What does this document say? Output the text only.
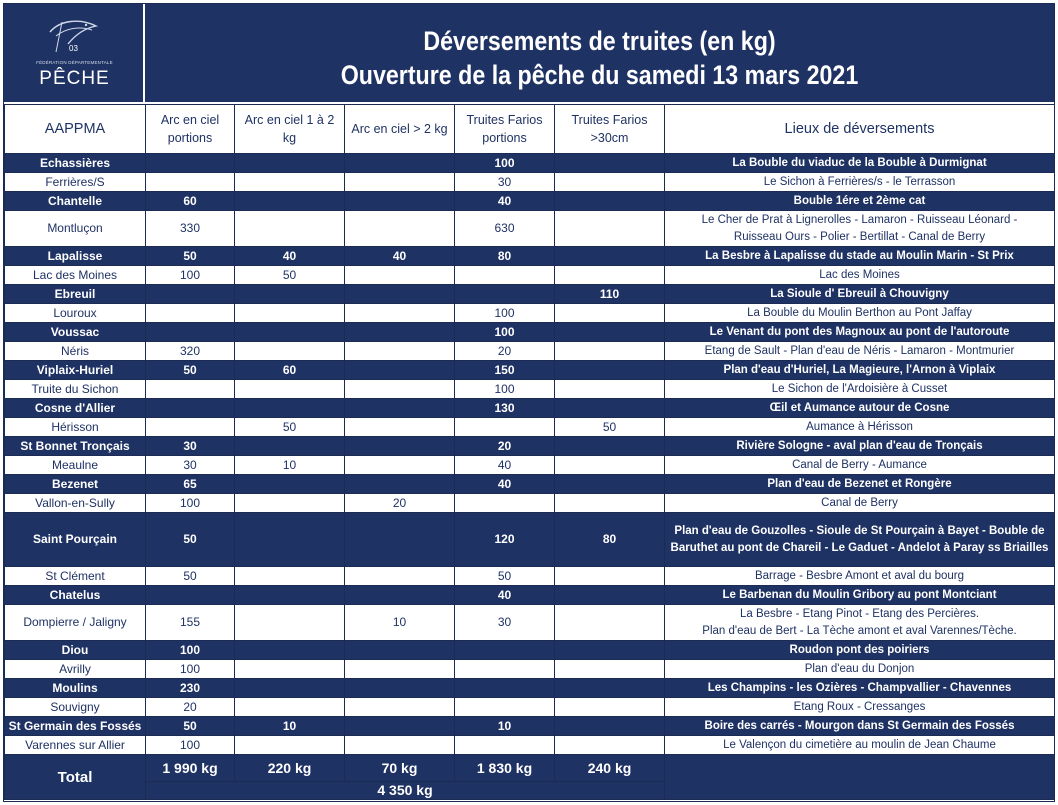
03
FÉDÉRATION DÉPARTEMENTALE
PÊCHE
Déversements de truites (en kg)
Ouverture de la pêche du samedi 13 mars 2021
AAPPMA	Arc en ciel portions	Arc en ciel 1 à 2 kg	Arc en ciel > 2 kg	Truites Farios portions	Truites Farios >30cm	Lieux de déversements
Echassières				100		La Bouble du viaduc de la Bouble à Durmignat

Ferrières/S				30		Le Sichon à Ferrières/s - le Terrasson

Chantelle	60			40		Bouble 1ére et 2ème cat

Montluçon	330			630		Le Cher de Prat à Lignerolles - Lamaron - Ruisseau Léonard -
Ruisseau Ours - Polier - Bertillat - Canal de Berry

Lapalisse	50	40	40	80		La Besbre à Lapalisse du stade au Moulin Marin - St Prix

Lac des Moines	100	50				Lac des Moines

Ebreuil					110	La Sioule d' Ebreuil à Chouvigny

Louroux				100		La Bouble du Moulin Berthon au Pont Jaffay

Voussac				100		Le Venant du pont des Magnoux au pont de l'autoroute

Néris	320			20		Etang de Sault - Plan d'eau de Néris - Lamaron - Montmurier

Viplaix-Huriel	50	60		150		Plan d'eau d'Huriel, La Magieure, l'Arnon à Viplaix

Truite du Sichon				100		Le Sichon de l'Ardoisière à Cusset

Cosne d'Allier				130		Œil et Aumance autour de Cosne

Hérisson		50			50	Aumance à Hérisson

St Bonnet Tronçais	30			20		Rivière Sologne - aval plan d'eau de Tronçais

Meaulne	30	10		40		Canal de Berry - Aumance

Bezenet	65			40		Plan d'eau de Bezenet et Rongère

Vallon-en-Sully	100		20			Canal de Berry

Saint Pourçain	50			120	80	Plan d'eau de Gouzolles - Sioule de St Pourçain à Bayet - Bouble de
Baruthet au pont de Chareil - Le Gaduet - Andelot à Paray ss Briailles

St Clément	50			50		Barrage - Besbre Amont et aval du bourg

Chatelus				40		Le Barbenan du Moulin Gribory au pont Montciant

Dompierre / Jaligny	155		10	30		La Besbre - Etang Pinot - Etang des Percières.
Plan d'eau de Bert - La Tèche amont et aval Varennes/Tèche.

Diou	100					Roudon pont des poiriers

Avrilly	100					Plan d'eau du Donjon

Moulins	230					Les Champins - les Ozières - Champvallier - Chavennes

Souvigny	20					Etang Roux - Cressanges

St Germain des Fossés	50	10		10		Boire des carrés - Mourgon dans St Germain des Fossés

Varennes sur Allier	100					Le Valençon du cimetière au moulin de Jean Chaume

Total	1 990 kg	220 kg	70 kg	1 830 kg	240 kg	
	4 350 kg					
